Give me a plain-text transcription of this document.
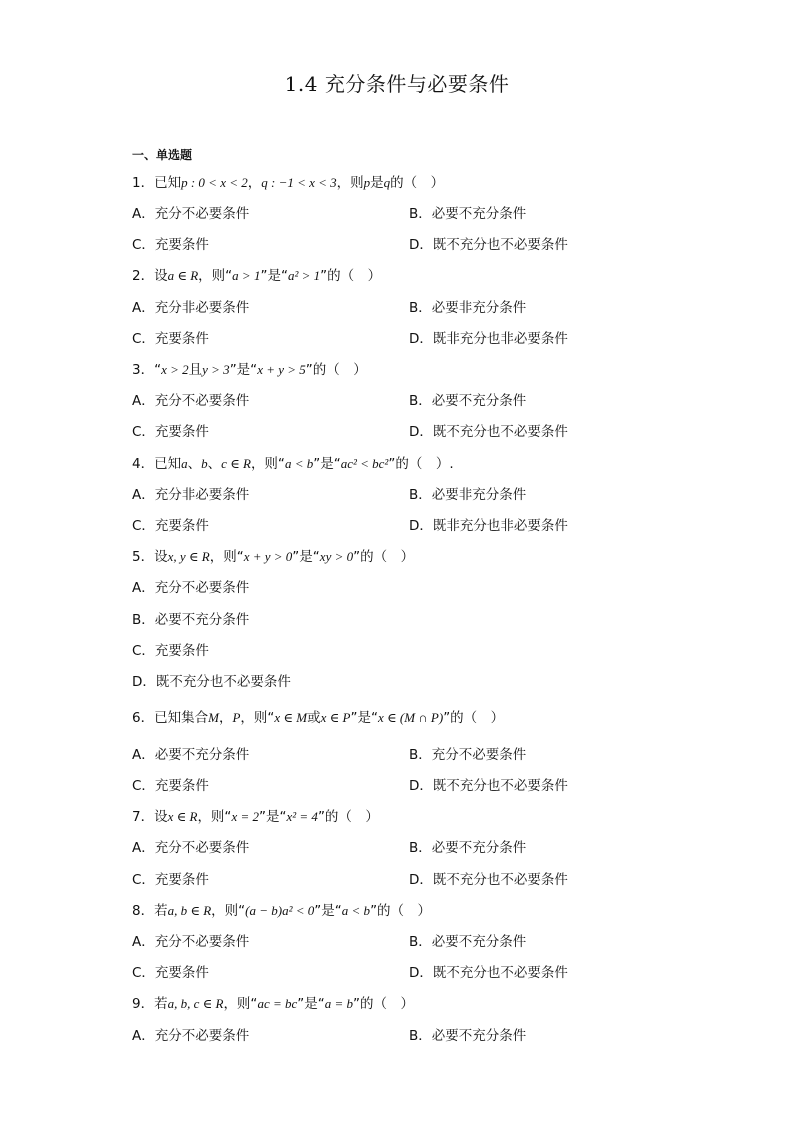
1.4 充分条件与必要条件
一、单选题
1．已知p : 0 < x < 2，q : −1 < x < 3，则p是q的（　）
A．充分不必要条件	B．必要不充分条件
C．充要条件	D．既不充分也不必要条件
2．设a ∈ R，则“a > 1”是“a² > 1”的（　）
A．充分非必要条件	B．必要非充分条件
C．充要条件	D．既非充分也非必要条件
3．“x > 2且y > 3”是“x + y > 5”的（　）
A．充分不必要条件	B．必要不充分条件
C．充要条件	D．既不充分也不必要条件
4．已知a、b、c ∈ R，则“a < b”是“ac² < bc²”的（　）.
A．充分非必要条件	B．必要非充分条件
C．充要条件	D．既非充分也非必要条件
5．设x, y ∈ R，则“x + y > 0”是“xy > 0”的（　）
A．充分不必要条件
B．必要不充分条件
C．充要条件
D．既不充分也不必要条件
6．已知集合M，P，则“x ∈ M或x ∈ P”是“x ∈ (M ∩ P)”的（　）
A．必要不充分条件	B．充分不必要条件
C．充要条件	D．既不充分也不必要条件
7．设x ∈ R，则“x = 2”是“x² = 4”的（　）
A．充分不必要条件	B．必要不充分条件
C．充要条件	D．既不充分也不必要条件
8．若a, b ∈ R，则“(a − b)a² < 0”是“a < b”的（　）
A．充分不必要条件	B．必要不充分条件
C．充要条件	D．既不充分也不必要条件
9．若a, b, c ∈ R，则“ac = bc”是“a = b”的（　）
A．充分不必要条件	B．必要不充分条件
